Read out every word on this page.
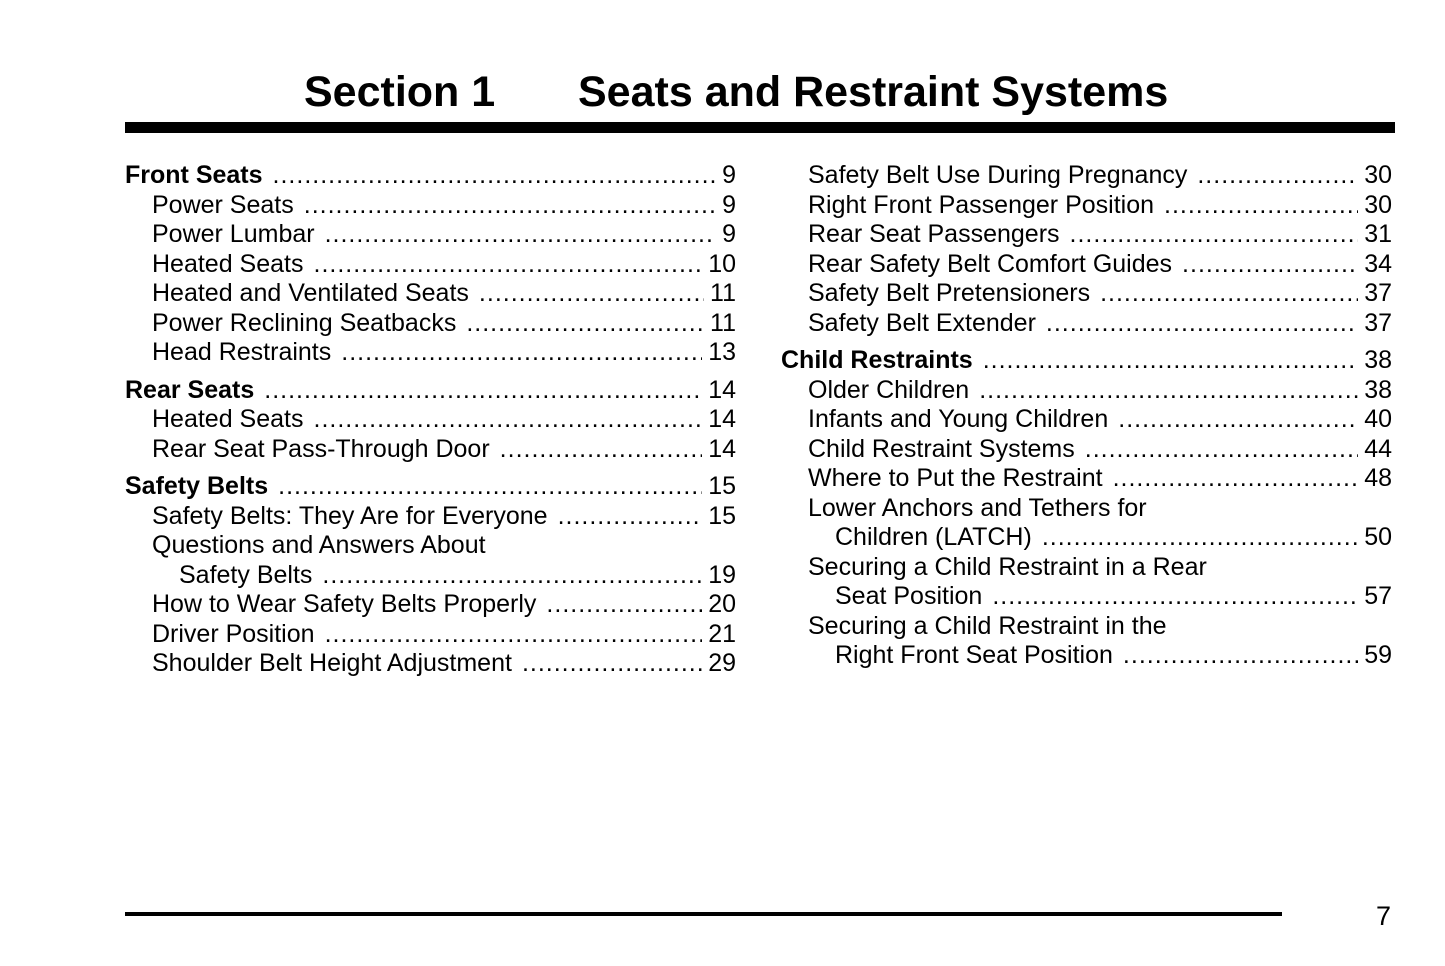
Section 1 Seats and Restraint Systems
Front Seats .....	9
Power Seats .....	9
Power Lumbar .....	9
Heated Seats .....	10
Heated and Ventilated Seats .....	11
Power Reclining Seatbacks .....	11
Head Restraints .....	13
Rear Seats .....	14
Heated Seats .....	14
Rear Seat Pass-Through Door .....	14
Safety Belts .....	15
Safety Belts: They Are for Everyone .....	15
Questions and Answers About
Safety Belts .....	19
How to Wear Safety Belts Properly .....	20
Driver Position .....	21
Shoulder Belt Height Adjustment .....	29
Safety Belt Use During Pregnancy .....	30
Right Front Passenger Position .....	30
Rear Seat Passengers .....	31
Rear Safety Belt Comfort Guides .....	34
Safety Belt Pretensioners .....	37
Safety Belt Extender .....	37
Child Restraints .....	38
Older Children .....	38
Infants and Young Children .....	40
Child Restraint Systems .....	44
Where to Put the Restraint .....	48
Lower Anchors and Tethers for
Children (LATCH) .....	50
Securing a Child Restraint in a Rear
Seat Position .....	57
Securing a Child Restraint in the
Right Front Seat Position .....	59
7
